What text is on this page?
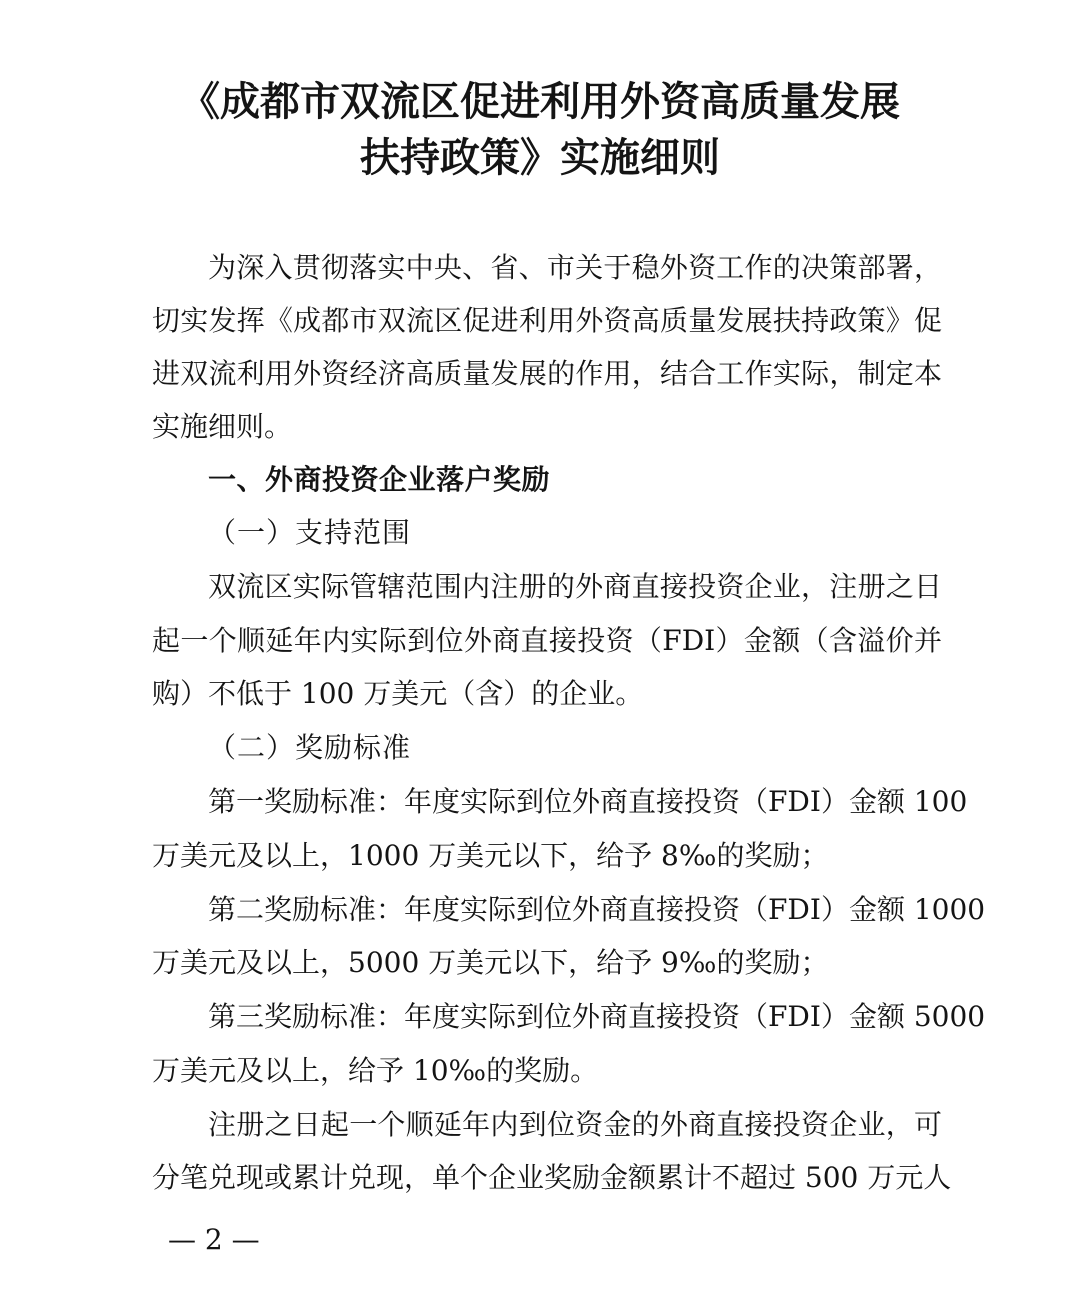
《成都市双流区促进利用外资高质量发展
扶持政策》实施细则
为深入贯彻落实中央、省、市关于稳外资工作的决策部署，
切实发挥《成都市双流区促进利用外资高质量发展扶持政策》促
进双流利用外资经济高质量发展的作用，结合工作实际，制定本
实施细则。
一、外商投资企业落户奖励
（一）支持范围
双流区实际管辖范围内注册的外商直接投资企业，注册之日
起一个顺延年内实际到位外商直接投资（FDI）金额（含溢价并
购）不低于 100 万美元（含）的企业。
（二）奖励标准
第一奖励标准：年度实际到位外商直接投资（FDI）金额 100
万美元及以上，1000 万美元以下，给予 8‰的奖励；
第二奖励标准：年度实际到位外商直接投资（FDI）金额 1000
万美元及以上，5000 万美元以下，给予 9‰的奖励；
第三奖励标准：年度实际到位外商直接投资（FDI）金额 5000
万美元及以上，给予 10‰的奖励。
注册之日起一个顺延年内到位资金的外商直接投资企业，可
分笔兑现或累计兑现，单个企业奖励金额累计不超过 500 万元人
— 2 —
